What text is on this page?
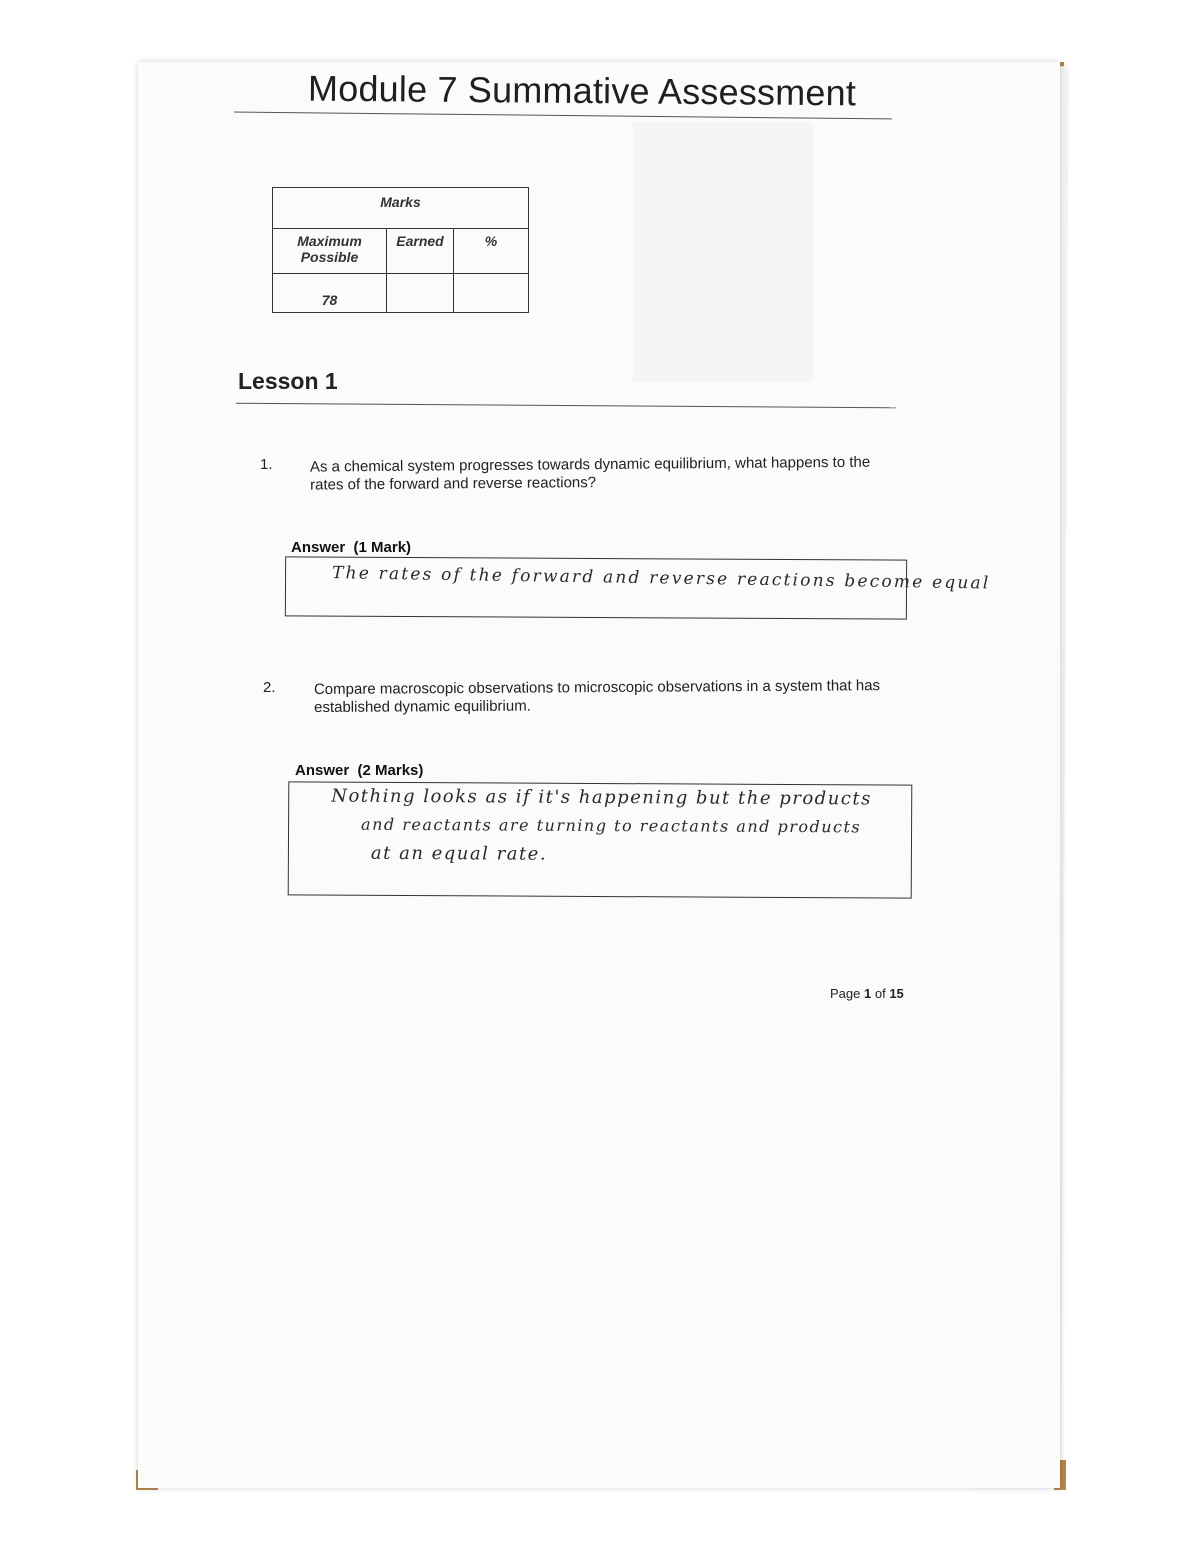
Module 7 Summative Assessment
Marks		
Maximum Possible	Earned	%
78		
Lesson 1
1. As a chemical system progresses towards dynamic equilibrium, what happens to the rates of the forward and reverse reactions?
Answer (1 Mark)
The rates of the forward and reverse reactions become equal
2.	Compare macroscopic observations to microscopic observations in a system that has established dynamic equilibrium.
Answer (2 Marks)
Nothing looks as if it's happening but the products
and reactants are turning to reactants and products
at an equal rate.
Page 1 of 15
